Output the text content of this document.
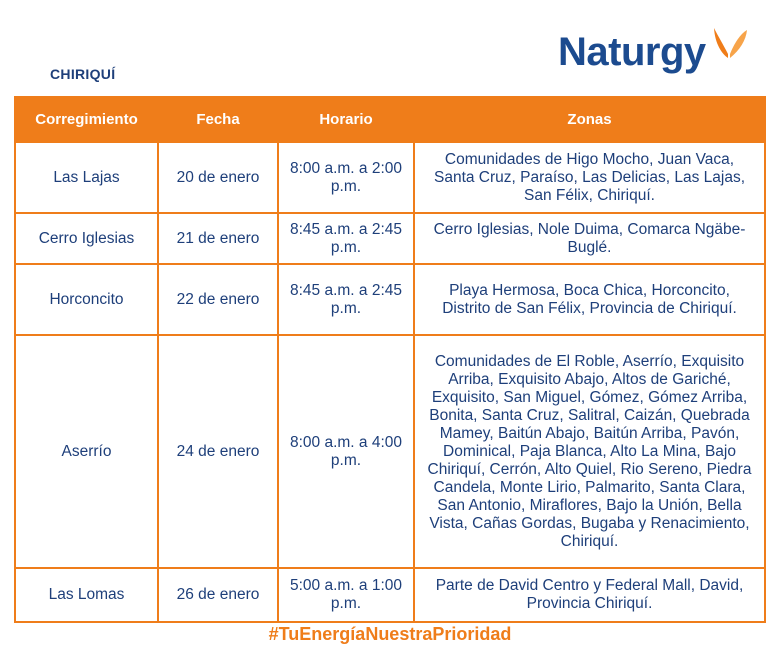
CHIRIQUÍ	Naturgy
Corregimiento	Fecha	Horario	Zonas
Las Lajas	20 de enero	8:00 a.m. a 2:00 p.m.	Comunidades de Higo Mocho, Juan Vaca, Santa Cruz, Paraíso, Las Delicias, Las Lajas, San Félix, Chiriquí.
Cerro Iglesias	21 de enero	8:45 a.m. a 2:45 p.m.	Cerro Iglesias, Nole Duima, Comarca Ngäbe-Buglé.
Horconcito	22 de enero	8:45 a.m. a 2:45 p.m.	Playa Hermosa, Boca Chica, Horconcito, Distrito de San Félix, Provincia de Chiriquí.
Aserrío	24 de enero	8:00 a.m. a 4:00 p.m.	Comunidades de El Roble, Aserrío, Exquisito Arriba, Exquisito Abajo, Altos de Gariché, Exquisito, San Miguel, Gómez, Gómez Arriba, Bonita, Santa Cruz, Salitral, Caizán, Quebrada Mamey, Baitún Abajo, Baitún Arriba, Pavón, Dominical, Paja Blanca, Alto La Mina, Bajo Chiriquí, Cerrón, Alto Quiel, Rio Sereno, Piedra Candela, Monte Lirio, Palmarito, Santa Clara, San Antonio, Miraflores, Bajo la Unión, Bella Vista, Cañas Gordas, Bugaba y Renacimiento, Chiriquí.
Las Lomas	26 de enero	5:00 a.m. a 1:00 p.m.	Parte de David Centro y Federal Mall, David, Provincia Chiriquí.
#TuEnergíaNuestraPrioridad
